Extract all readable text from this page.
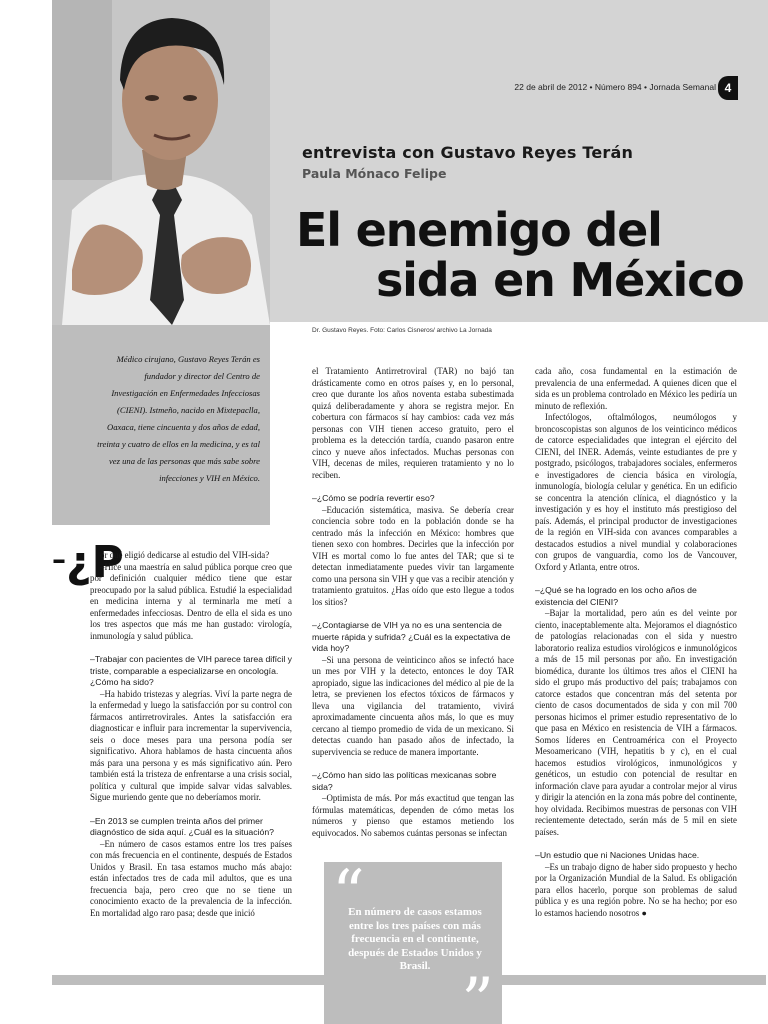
22 de abril de 2012 • Número 894 • Jornada Semanal 4
entrevista con Gustavo Reyes Terán
Paula Mónaco Felipe
El enemigo del
sida en México
Dr. Gustavo Reyes. Foto: Carlos Cisneros/ archivo La Jornada
Médico cirujano, Gustavo Reyes Terán es fundador y director del Centro de Investigación en Enfermedades Infecciosas (CIENI). Istmeño, nacido en Mixtepaclla, Oaxaca, tiene cincuenta y dos años de edad, treinta y cuatro de ellos en la medicina, y es tal vez una de las personas que más sabe sobre infecciones y VIH en México.
–¿P

or qué eligió dedicarse al estudio del VIH-sida?

–Hice una maestría en salud pública porque creo que por definición cualquier médico tiene que estar preocupado por la salud pública. Estudié la especialidad en medicina interna y al terminarla me metí a enfermedades infecciosas. Dentro de ella el sida es uno los tres aspectos que más me han gustado: virología, inmunología y salud pública.

–Trabajar con pacientes de VIH parece tarea difícil y triste, comparable a especializarse en oncología. ¿Cómo ha sido?

–Ha habido tristezas y alegrías. Viví la parte negra de la enfermedad y luego la satisfacción por su control con fármacos antirretrovirales. Antes la satisfacción era diagnosticar e influir para incrementar la supervivencia, seis o doce meses para una persona podía ser significativo. Ahora hablamos de hasta cincuenta años más para una persona y es más significativo aún. Pero también está la tristeza de enfrentarse a una crisis social, política y cultural que impide salvar vidas salvables. Sigue muriendo gente que no deberíamos morir.

–En 2013 se cumplen treinta años del primer diagnóstico de sida aquí. ¿Cuál es la situación?

–En número de casos estamos entre los tres países con más frecuencia en el continente, después de Estados Unidos y Brasil. En tasa estamos mucho más abajo: están infectados tres de cada mil adultos, que es una frecuencia baja, pero creo que no se tiene un conocimiento exacto de la prevalencia de la infección. En mortalidad algo raro pasa; desde que inició

el Tratamiento Antirretroviral (TAR) no bajó tan drásticamente como en otros países y, en lo personal, creo que durante los años noventa estaba subestimada quizá deliberadamente y ahora se registra mejor. En cobertura con fármacos sí hay cambios: cada vez más personas con VIH tienen acceso gratuito, pero el problema es la detección tardía, cuando pasaron entre cinco y nueve años infectados. Muchas personas con VIH, decenas de miles, requieren tratamiento y no lo reciben.

–¿Cómo se podría revertir eso?

–Educación sistemática, masiva. Se debería crear conciencia sobre todo en la población donde se ha centrado más la infección en México: hombres que tienen sexo con hombres. Decirles que la infección por VIH es mortal como lo fue antes del TAR; que si te detectan inmediatamente puedes vivir tan largamente como una persona sin VIH y que vas a recibir atención y tratamiento gratuitos. ¿Has oído que esto llegue a todos los sitios?

–¿Contagiarse de VIH ya no es una sentencia de muerte rápida y sufrida? ¿Cuál es la expectativa de vida hoy?

–Si una persona de veinticinco años se infectó hace un mes por VIH y la detecto, entonces le doy TAR apropiado, sigue las indicaciones del médico al pie de la letra, se previenen los efectos tóxicos de fármacos y lleva una vigilancia del tratamiento, vivirá aproximadamente cincuenta años más, lo que es muy cercano al tiempo promedio de vida de un mexicano. Si detectas cuando han pasado años de infectado, la supervivencia se reduce de manera importante.

–¿Cómo han sido las políticas mexicanas sobre sida?

–Optimista de más. Por más exactitud que tengan las fórmulas matemáticas, dependen de cómo metas los números y pienso que estamos metiendo los equivocados. No sabemos cuántas personas se infectan

cada año, cosa fundamental en la estimación de prevalencia de una enfermedad. A quienes dicen que el sida es un problema controlado en México les pediría un minuto de reflexión.

Infectólogos, oftalmólogos, neumólogos y broncoscopistas son algunos de los veinticinco médicos de catorce especialidades que integran el ejército del CIENI, del INER. Además, veinte estudiantes de pre y postgrado, psicólogos, trabajadores sociales, enfermeros e investigadores de ciencia básica en virología, inmunología, biología celular y genética. En un edificio se concentra la atención clínica, el diagnóstico y la investigación y es hoy el instituto más prestigioso del país. Además, el principal productor de investigaciones de la región en VIH-sida con avances comparables a destacados estudios a nivel mundial y colaboraciones con grupos de vanguardia, como los de Vancouver, Oxford y Atlanta, entre otros.

–¿Qué se ha logrado en los ocho años de existencia del CIENI?

–Bajar la mortalidad, pero aún es del veinte por ciento, inaceptablemente alta. Mejoramos el diagnóstico de patologías relacionadas con el sida y nuestro laboratorio realiza estudios virológicos e inmunológicos a más de 15 mil personas por año. En investigación biomédica, durante los últimos tres años el CIENI ha sido el grupo más productivo del país; trabajamos con catorce estados que concentran más del setenta por ciento de casos documentados de sida y con mil 700 personas hicimos el primer estudio representativo de lo que pasa en México en resistencia de VIH a fármacos. Somos líderes en Centroamérica con el Proyecto Mesoamericano (VIH, hepatitis b y c), en el cual hacemos estudios virológicos, inmunológicos y genéticos, un estudio con potencial de resultar en información clave para ayudar a controlar mejor al virus y dirigir la atención en la zona más pobre del continente, hoy olvidada. Recibimos muestras de personas con VIH recientemente detectado, serán más de 5 mil en siete países.

–Un estudio que ni Naciones Unidas hace.

–Es un trabajo digno de haber sido propuesto y hecho por la Organización Mundial de la Salud. Es obligación para ellos hacerlo, porque son problemas de salud pública y es una región pobre. No se ha hecho; por eso lo estamos haciendo nosotros ●

“
En número de casos estamos entre los tres países con más frecuencia en el continente, después de Estados Unidos y Brasil. ”
